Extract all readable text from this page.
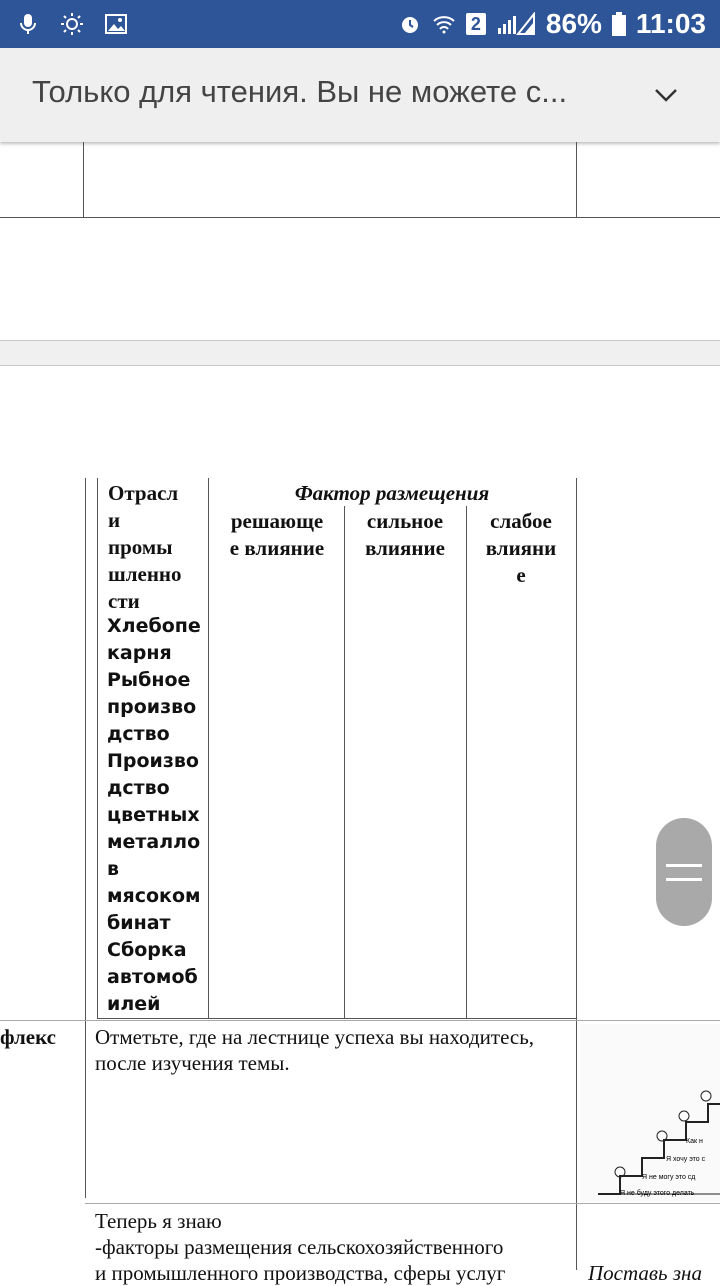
2 86% 11:03
Только для чтения. Вы не можете с...
Отрасл
и
промы
шленно
сти
Фактор размещения
решающе
е влияние
сильное
влияние
слабое
влияни
е
Хлебопе
карня
Рыбное
произво
дство
Произво
дство
цветных
металло
в
мясоком
бинат
Сборка
автомоб
илей
флекс Отметьте, где на лестнице успеха вы находитесь, после изучения темы.
Как н
Я хочу это с
Я не могу это сд
Я не буду этого делать
Теперь я знаю
-факторы размещения сельскохозяйственного
и промышленного производства, сферы услуг	Поставь зна
